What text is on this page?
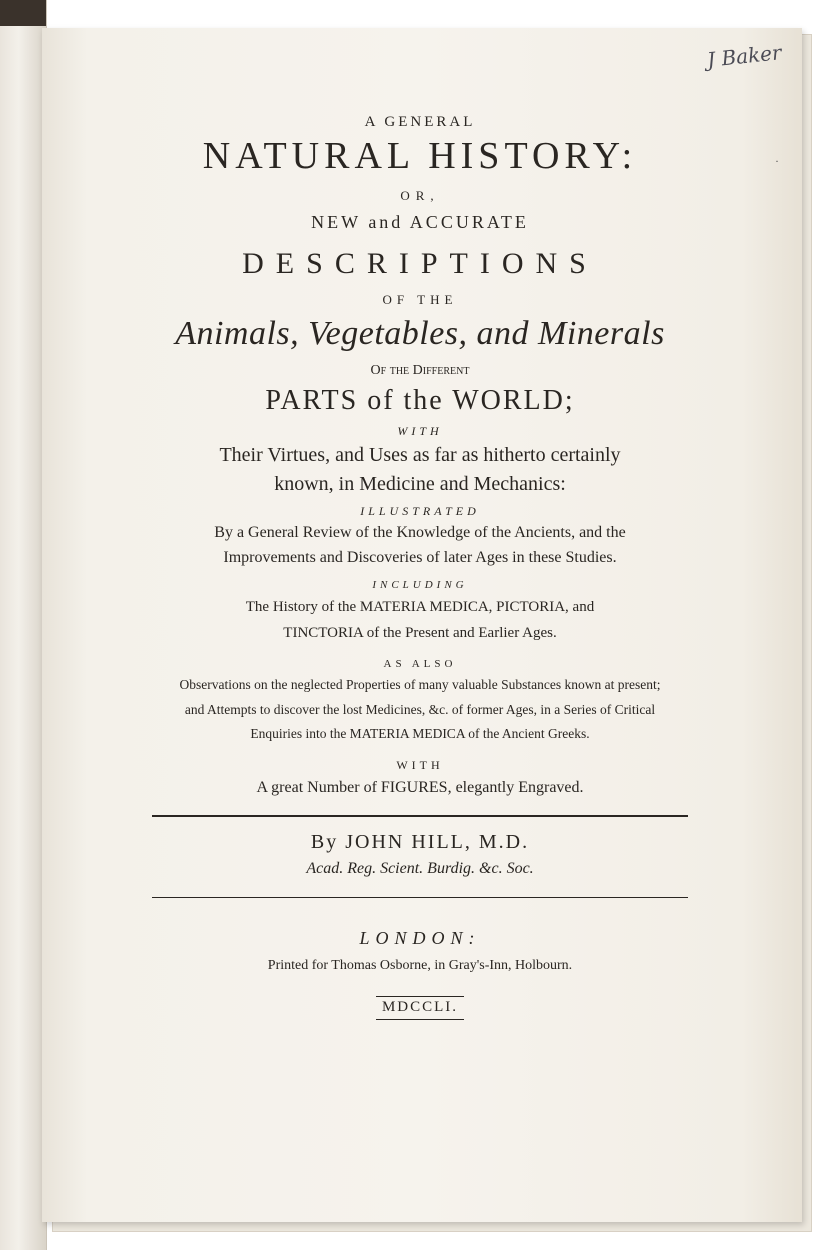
J Baker
·
A GENERAL
NATURAL HISTORY:
OR,
NEW and ACCURATE
DESCRIPTIONS
OF THE
Animals, Vegetables, and Minerals
Of the Different
PARTS of the WORLD;
WITH
Their Virtues, and Uses as far as hitherto certainly
known, in Medicine and Mechanics:
ILLUSTRATED
By a General Review of the Knowledge of the Ancients, and the
Improvements and Discoveries of later Ages in these Studies.
INCLUDING
The History of the MATERIA MEDICA, PICTORIA, and
TINCTORIA of the Present and Earlier Ages.
AS ALSO
Observations on the neglected Properties of many valuable Substances known at present;
and Attempts to discover the lost Medicines, &c. of former Ages, in a Series of Critical
Enquiries into the MATERIA MEDICA of the Ancient Greeks.
WITH
A great Number of FIGURES, elegantly Engraved.
By JOHN HILL, M.D.
Acad. Reg. Scient. Burdig. &c. Soc.
LONDON:
Printed for Thomas Osborne, in Gray's-Inn, Holbourn.
MDCCLI.
